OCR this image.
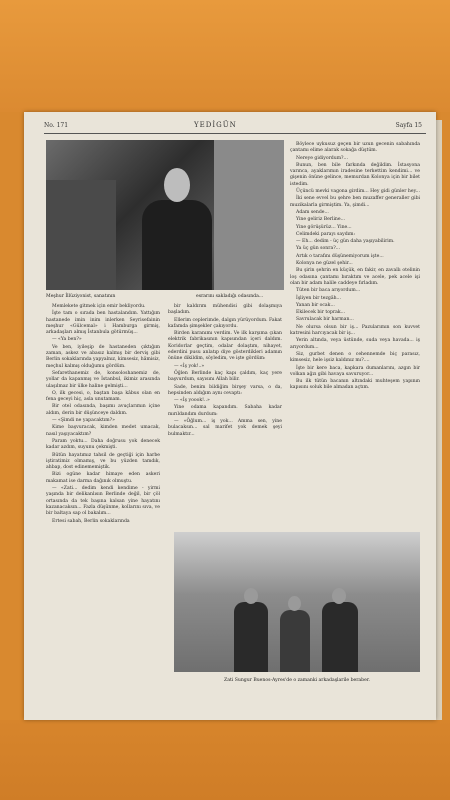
No. 171	YEDİGÜN	Sayfa 15
Meşhur İllüziyonist, sanatının	esrarını sakladığı odasında...

Memlekete gitmek için emir bekliyordu.

İşte tam o sırada ben hastalandım. Yattığım hastanede imin inim inlerken Seyrisefainin meşhur «Gülcemal» i Hamburga girmiş, arkadaşları almış İstanbula götürmüş...

— «Ya ben?»

Ve ben, iyileşip de hastaneden çıktığım zaman, askez ve abasız kalmış bir derviş gibi Berlin sokaklarında yapyalnız, kimsesiz, hâmisiz, meçhul kalmış olduğumu gördüm.

Sefarethanemiz de, konsoloshanemiz de, yollar da kapanmış ve İstanbul, ikimiz arasında ulaşılmaz bir ülke haline gelmişti...

O, ilk gecesi, o, baştan başa kâbus olan en fena geceyi hiç, asla unutamam.

Bir otel odasında, başımı avuçlarımın içine aldım, derin bir düşünceye daldım.

— «Şimdi ne yapacaktım?»

Kime başvuracak, kimden medet umacak, nasıl yaşıyacaktım?

Param yoktu... Daha doğrusu yok denecek kadar azdım, suyunu çekmişti.

Bütün hayatımız tahsil de geçtiği için harbe iştiratimiz olmamış, ve bu yüzden tamdık, ahbap, dost edinememiştik.

Bizi ogüne kadar himaye eden askeri makamat ise darma dağınık olmuştu.

— «Zati... dedim kendi kendime - yirmi yaşında bir delikanlısın Berlinde değil, bir çöl ortasında da tek başına kalsan yine hayatını kazanacaksın... Fazla düşünme, kollarını sıva, ve bir baltaya sap ol bakalım...

Ertesi sabah, Berlin sokaklarında

bir kaldırım mühendisi gibi dolaşmıya başladım.

Ellerim ceplerimde, dalgın yürüyordum. Fakat kafamda şimşekler çakıyordu.

Birden karanımı verdim. Ve ilk karşıma çıkan elektrik fabrikasının kapısından içeri daldım. Koridorlar geçtim, odalar dolaştım, nihayet, ederdini pusu anlatıp diye gösterdikleri adamın önüne dikildim, söyledim, ve işte gördüm:

— «İş yok!..»

Öğlen Berlinde kaç kapı çaldım, kaç yere başvurdum, sayısını Allah bilir.

Sade, benim bildiğim birşey varsa, o da, hepsinden aldığım aynı cevaptı:

— «İş yoook!..»

Yine odama kapandım. Sabaha kadar mırıldandım durdum:

— «Öğlum... iş yok... Amma sen, yine bulacaksın... sal marifet yok demek şeyi bulmaktır...

Böylece uykusuz geçen bir uzun gecenin sabahında çantamı elime alarak sokağa düştüm.

Nereye gidiyordum?...

Bunun, ben bile farkında değildim. İstasyona varınca, ayaklarımın iradesine terkettim kendimi... ve gişenin önüne gelince, memurdan Kolonya için bir bilet istedim.

Üçüncü mevki vagona girdim... Hey gidi günler hey...

İki sene evvel bu şehre ben muzaffer generaller gibi muzikalarla girmiştim. Ya, şimdi...

Adam sende...

Yine geliriz Berline...

Yine görüşürüz... Yine...

Celimdeki parayı saydım:

— Eh... dedim - üç gün daha yaşıyabilirim.

Ya üç gün sonra?...

Artık o tarafını düşünemiyorum işte...

Kolonya ne güzel şehir...

Bu şirin şehrin en küçük, en fakir, en zavallı otelinin loş odasına çantamı bıraktım ve acele, pek acele işi olan bir adam halile caddeye fırladım.

Tüten bir baca arıyordum...

İşliyen bir tezgâh...

Yanan bir ocak...

Ekilecek bir toprak...

Savrulacak bir harman...

Ne olursa olsun bir iş... Pazularımın son kuvvet katresini harcıyacak bir iş...

Yerin altında, veya üstünde, suda veya havada... iş arıyordum...

Siz, gurbet denen o cehennemde biç parasız, kimsesiz, hele işsiz kaldınız mı?....

İşte bir kere baca, kapkara dumanlarını, azgın bir volkan ağzı gibi havaya savuruyor...

Bu ilk tütün bacanın altındaki muhteşem yapının kapısını soluk bile almadan açtım.

Zati Sungur Buenos-Ayres'de o zamanki arkadaşlarile beraber.
